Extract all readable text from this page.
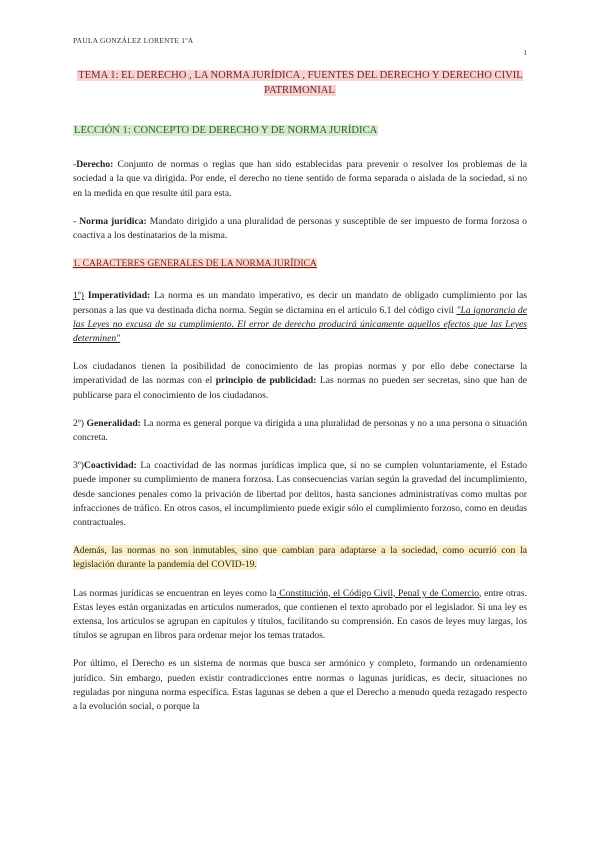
PAULA GONZÁLEZ LORENTE 1ºA
1
TEMA 1: EL DERECHO , LA NORMA JURÍDICA , FUENTES DEL DERECHO Y DERECHO CIVIL PATRIMONIAL
LECCIÓN 1: CONCEPTO DE DERECHO Y DE NORMA JURÍDICA

-Derecho: Conjunto de normas o reglas que han sido establecidas para prevenir o resolver los problemas de la sociedad a la que va dirigida. Por ende, el derecho no tiene sentido de forma separada o aislada de la sociedad, si no en la medida en que resulte útil para esta.

- Norma jurídica: Mandato dirigido a una pluralidad de personas y susceptible de ser impuesto de forma forzosa o coactiva a los destinatarios de la misma.

1. CARACTERES GENERALES DE LA NORMA JURÍDICA

1º) Imperatividad: La norma es un mandato imperativo, es decir un mandato de obligado cumplimiento por las personas a las que va destinada dicha norma. Según se dictamina en el artículo 6.1 del código civil "La ignorancia de las Leyes no excusa de su cumplimiento. El error de derecho producirá únicamente aquellos efectos que las Leyes determinen"

Los ciudadanos tienen la posibilidad de conocimiento de las propias normas y por ello debe conectarse la imperatividad de las normas con el principio de publicidad: Las normas no pueden ser secretas, sino que han de publicarse para el conocimiento de los ciudadanos.

2º) Generalidad: La norma es general porque va dirigida a una pluralidad de personas y no a una persona o situación concreta.

3º)Coactividad: La coactividad de las normas jurídicas implica que, si no se cumplen voluntariamente, el Estado puede imponer su cumplimiento de manera forzosa. Las consecuencias varían según la gravedad del incumplimiento, desde sanciones penales como la privación de libertad por delitos, hasta sanciones administrativas como multas por infracciones de tráfico. En otros casos, el incumplimiento puede exigir sólo el cumplimiento forzoso, como en deudas contractuales.

Además, las normas no son inmutables, sino que cambian para adaptarse a la sociedad, como ocurrió con la legislación durante la pandemia del COVID-19.

Las normas jurídicas se encuentran en leyes como la Constitución, el Código Civil, Penal y de Comercio, entre otras. Estas leyes están organizadas en artículos numerados, que contienen el texto aprobado por el legislador. Si una ley es extensa, los artículos se agrupan en capítulos y títulos, facilitando su comprensión. En casos de leyes muy largas, los títulos se agrupan en libros para ordenar mejor los temas tratados.

Por último, el Derecho es un sistema de normas que busca ser armónico y completo, formando un ordenamiento jurídico. Sin embargo, pueden existir contradicciones entre normas o lagunas jurídicas, es decir, situaciones no reguladas por ninguna norma específica. Estas lagunas se deben a que el Derecho a menudo queda rezagado respecto a la evolución social, o porque la
